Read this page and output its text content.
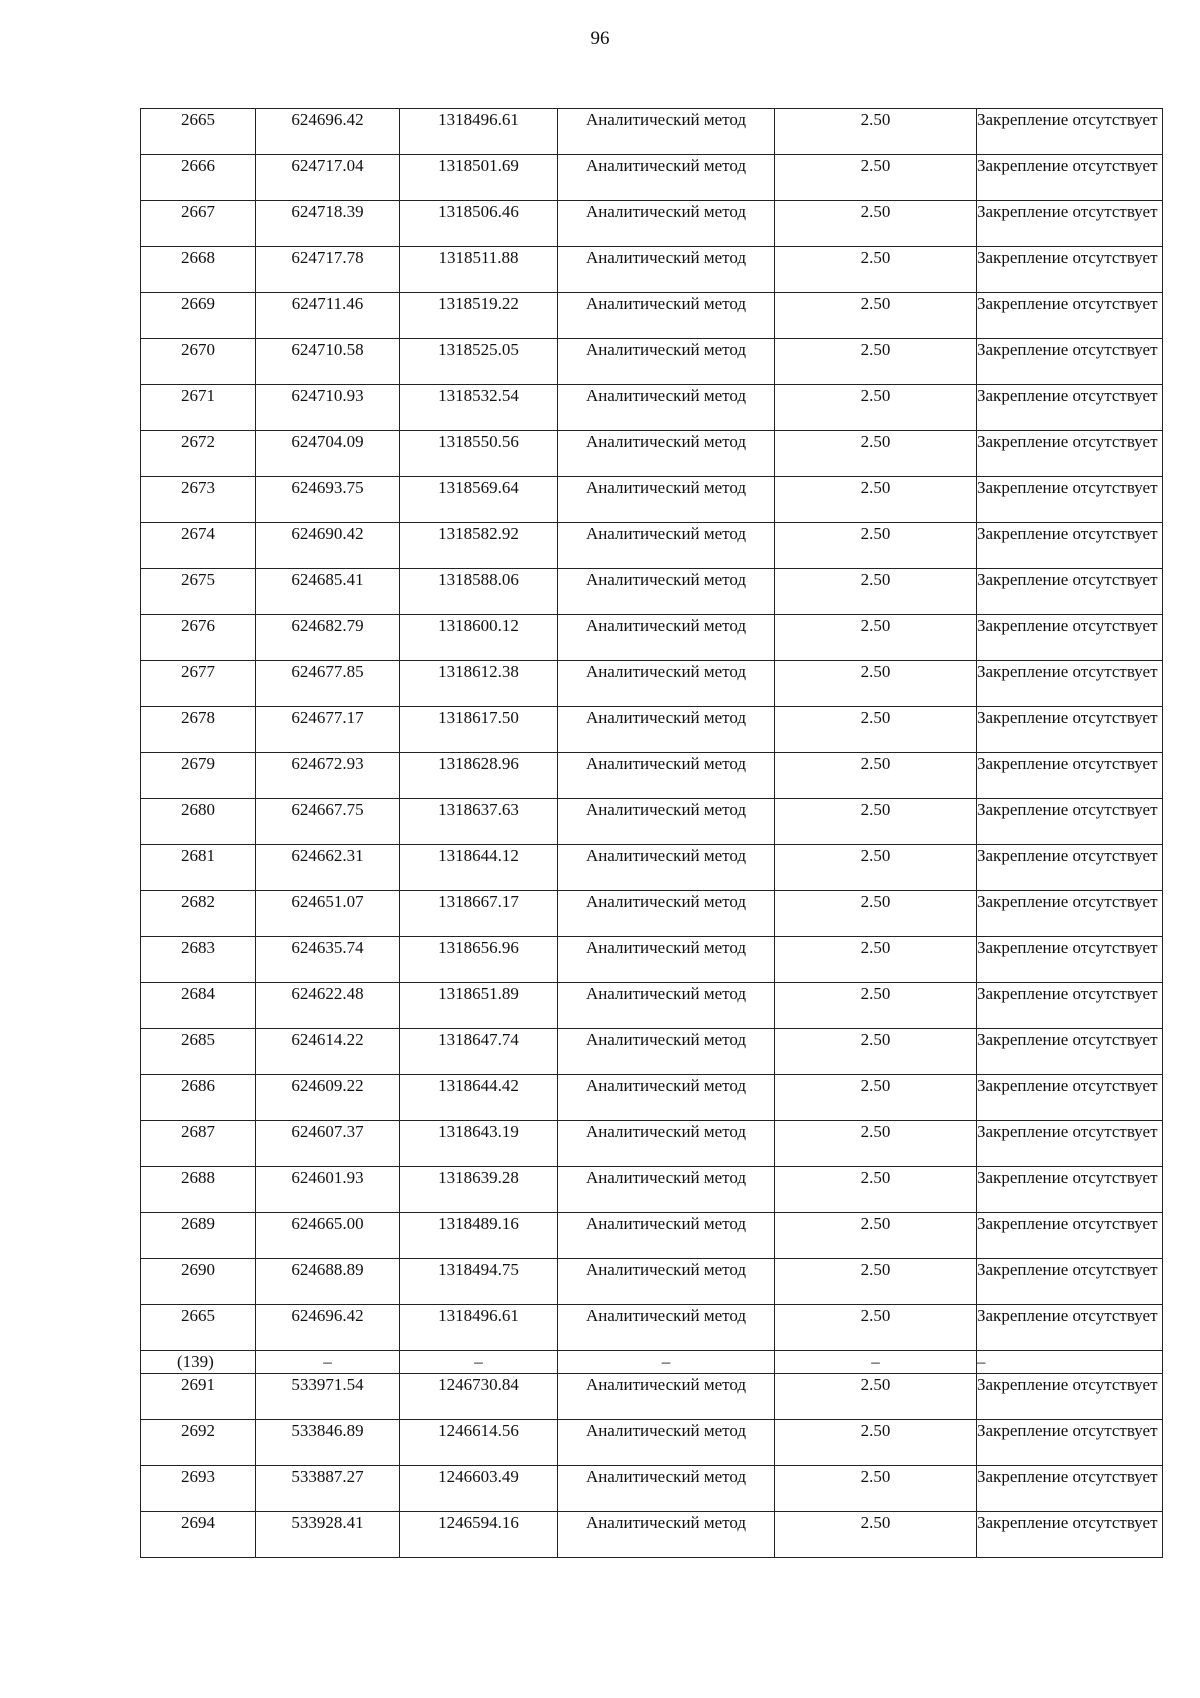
96
2665	624696.42	1318496.61	Аналитический метод	2.50	Закрепление отсутствует
2666	624717.04	1318501.69	Аналитический метод	2.50	Закрепление отсутствует
2667	624718.39	1318506.46	Аналитический метод	2.50	Закрепление отсутствует
2668	624717.78	1318511.88	Аналитический метод	2.50	Закрепление отсутствует
2669	624711.46	1318519.22	Аналитический метод	2.50	Закрепление отсутствует
2670	624710.58	1318525.05	Аналитический метод	2.50	Закрепление отсутствует
2671	624710.93	1318532.54	Аналитический метод	2.50	Закрепление отсутствует
2672	624704.09	1318550.56	Аналитический метод	2.50	Закрепление отсутствует
2673	624693.75	1318569.64	Аналитический метод	2.50	Закрепление отсутствует
2674	624690.42	1318582.92	Аналитический метод	2.50	Закрепление отсутствует
2675	624685.41	1318588.06	Аналитический метод	2.50	Закрепление отсутствует
2676	624682.79	1318600.12	Аналитический метод	2.50	Закрепление отсутствует
2677	624677.85	1318612.38	Аналитический метод	2.50	Закрепление отсутствует
2678	624677.17	1318617.50	Аналитический метод	2.50	Закрепление отсутствует
2679	624672.93	1318628.96	Аналитический метод	2.50	Закрепление отсутствует
2680	624667.75	1318637.63	Аналитический метод	2.50	Закрепление отсутствует
2681	624662.31	1318644.12	Аналитический метод	2.50	Закрепление отсутствует
2682	624651.07	1318667.17	Аналитический метод	2.50	Закрепление отсутствует
2683	624635.74	1318656.96	Аналитический метод	2.50	Закрепление отсутствует
2684	624622.48	1318651.89	Аналитический метод	2.50	Закрепление отсутствует
2685	624614.22	1318647.74	Аналитический метод	2.50	Закрепление отсутствует
2686	624609.22	1318644.42	Аналитический метод	2.50	Закрепление отсутствует
2687	624607.37	1318643.19	Аналитический метод	2.50	Закрепление отсутствует
2688	624601.93	1318639.28	Аналитический метод	2.50	Закрепление отсутствует
2689	624665.00	1318489.16	Аналитический метод	2.50	Закрепление отсутствует
2690	624688.89	1318494.75	Аналитический метод	2.50	Закрепление отсутствует
2665	624696.42	1318496.61	Аналитический метод	2.50	Закрепление отсутствует
(139)	–	–	–	–	–
2691	533971.54	1246730.84	Аналитический метод	2.50	Закрепление отсутствует
2692	533846.89	1246614.56	Аналитический метод	2.50	Закрепление отсутствует
2693	533887.27	1246603.49	Аналитический метод	2.50	Закрепление отсутствует
2694	533928.41	1246594.16	Аналитический метод	2.50	Закрепление отсутствует
